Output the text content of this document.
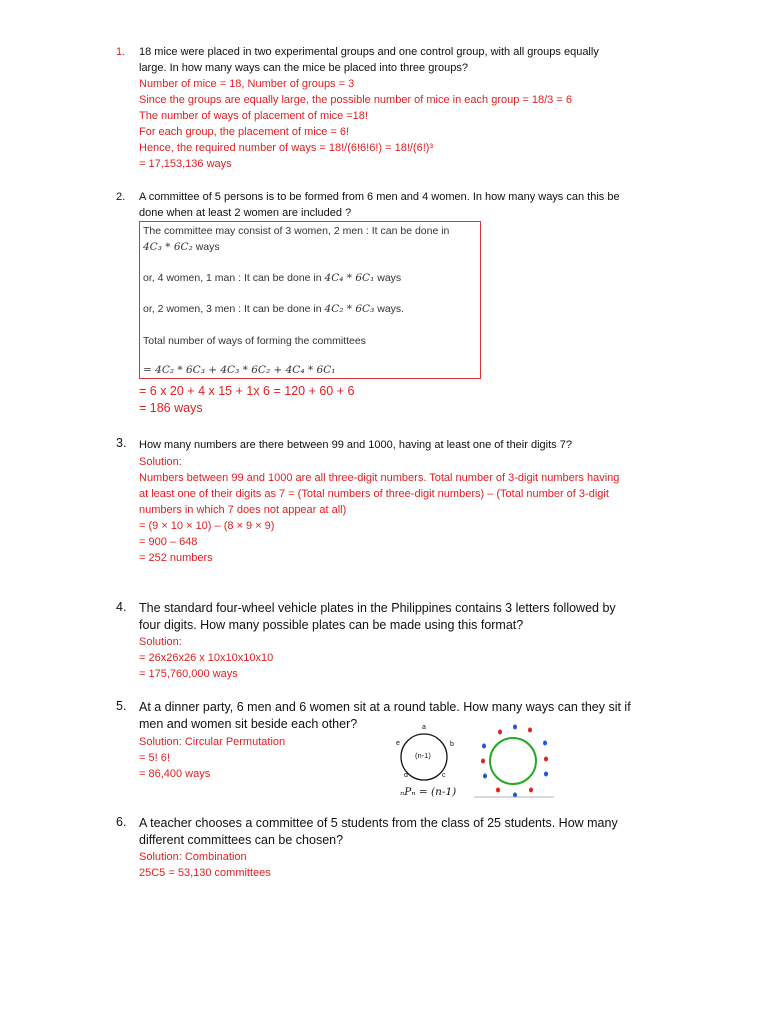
1. 18 mice were placed in two experimental groups and one control group, with all groups equally
large. In how many ways can the mice be placed into three groups?
Number of mice = 18, Number of groups = 3
Since the groups are equally large, the possible number of mice in each group = 18/3 = 6
The number of ways of placement of mice =18!
For each group, the placement of mice = 6!
Hence, the required number of ways = 18!/(6!6!6!) = 18!/(6!)³
= 17,153,136 ways
2. A committee of 5 persons is to be formed from 6 men and 4 women. In how many ways can this be
done when at least 2 women are included ?
The committee may consist of 3 women, 2 men : It can be done in
4C₃ * 6C₂ ways
or, 4 women, 1 man : It can be done in 4C₄ * 6C₁ ways
or, 2 women, 3 men : It can be done in 4C₂ * 6C₃ ways.
Total number of ways of forming the committees
= 4C₂ * 6C₃ + 4C₃ * 6C₂ + 4C₄ * 6C₁
= 6 x 20 + 4 x 15 + 1x 6 = 120 + 60 + 6
= 186 ways
3. How many numbers are there between 99 and 1000, having at least one of their digits 7?
Solution:
Numbers between 99 and 1000 are all three-digit numbers. Total number of 3-digit numbers having
at least one of their digits as 7 = (Total numbers of three-digit numbers) – (Total number of 3-digit
numbers in which 7 does not appear at all)
= (9 × 10 × 10) – (8 × 9 × 9)
= 900 – 648
= 252 numbers
4. The standard four-wheel vehicle plates in the Philippines contains 3 letters followed by
four digits. How many possible plates can be made using this format?
Solution:
= 26x26x26 x 10x10x10x10
= 175,760,000 ways
5. At a dinner party, 6 men and 6 women sit at a round table. How many ways can they sit if
men and women sit beside each other?
Solution: Circular Permutation
= 5! 6!
= 86,400 ways
a
b
c
d
e
(n-1)
ₙPₙ = (n-1)
6. A teacher chooses a committee of 5 students from the class of 25 students. How many
different committees can be chosen?
Solution: Combination
25C5 = 53,130 committees
